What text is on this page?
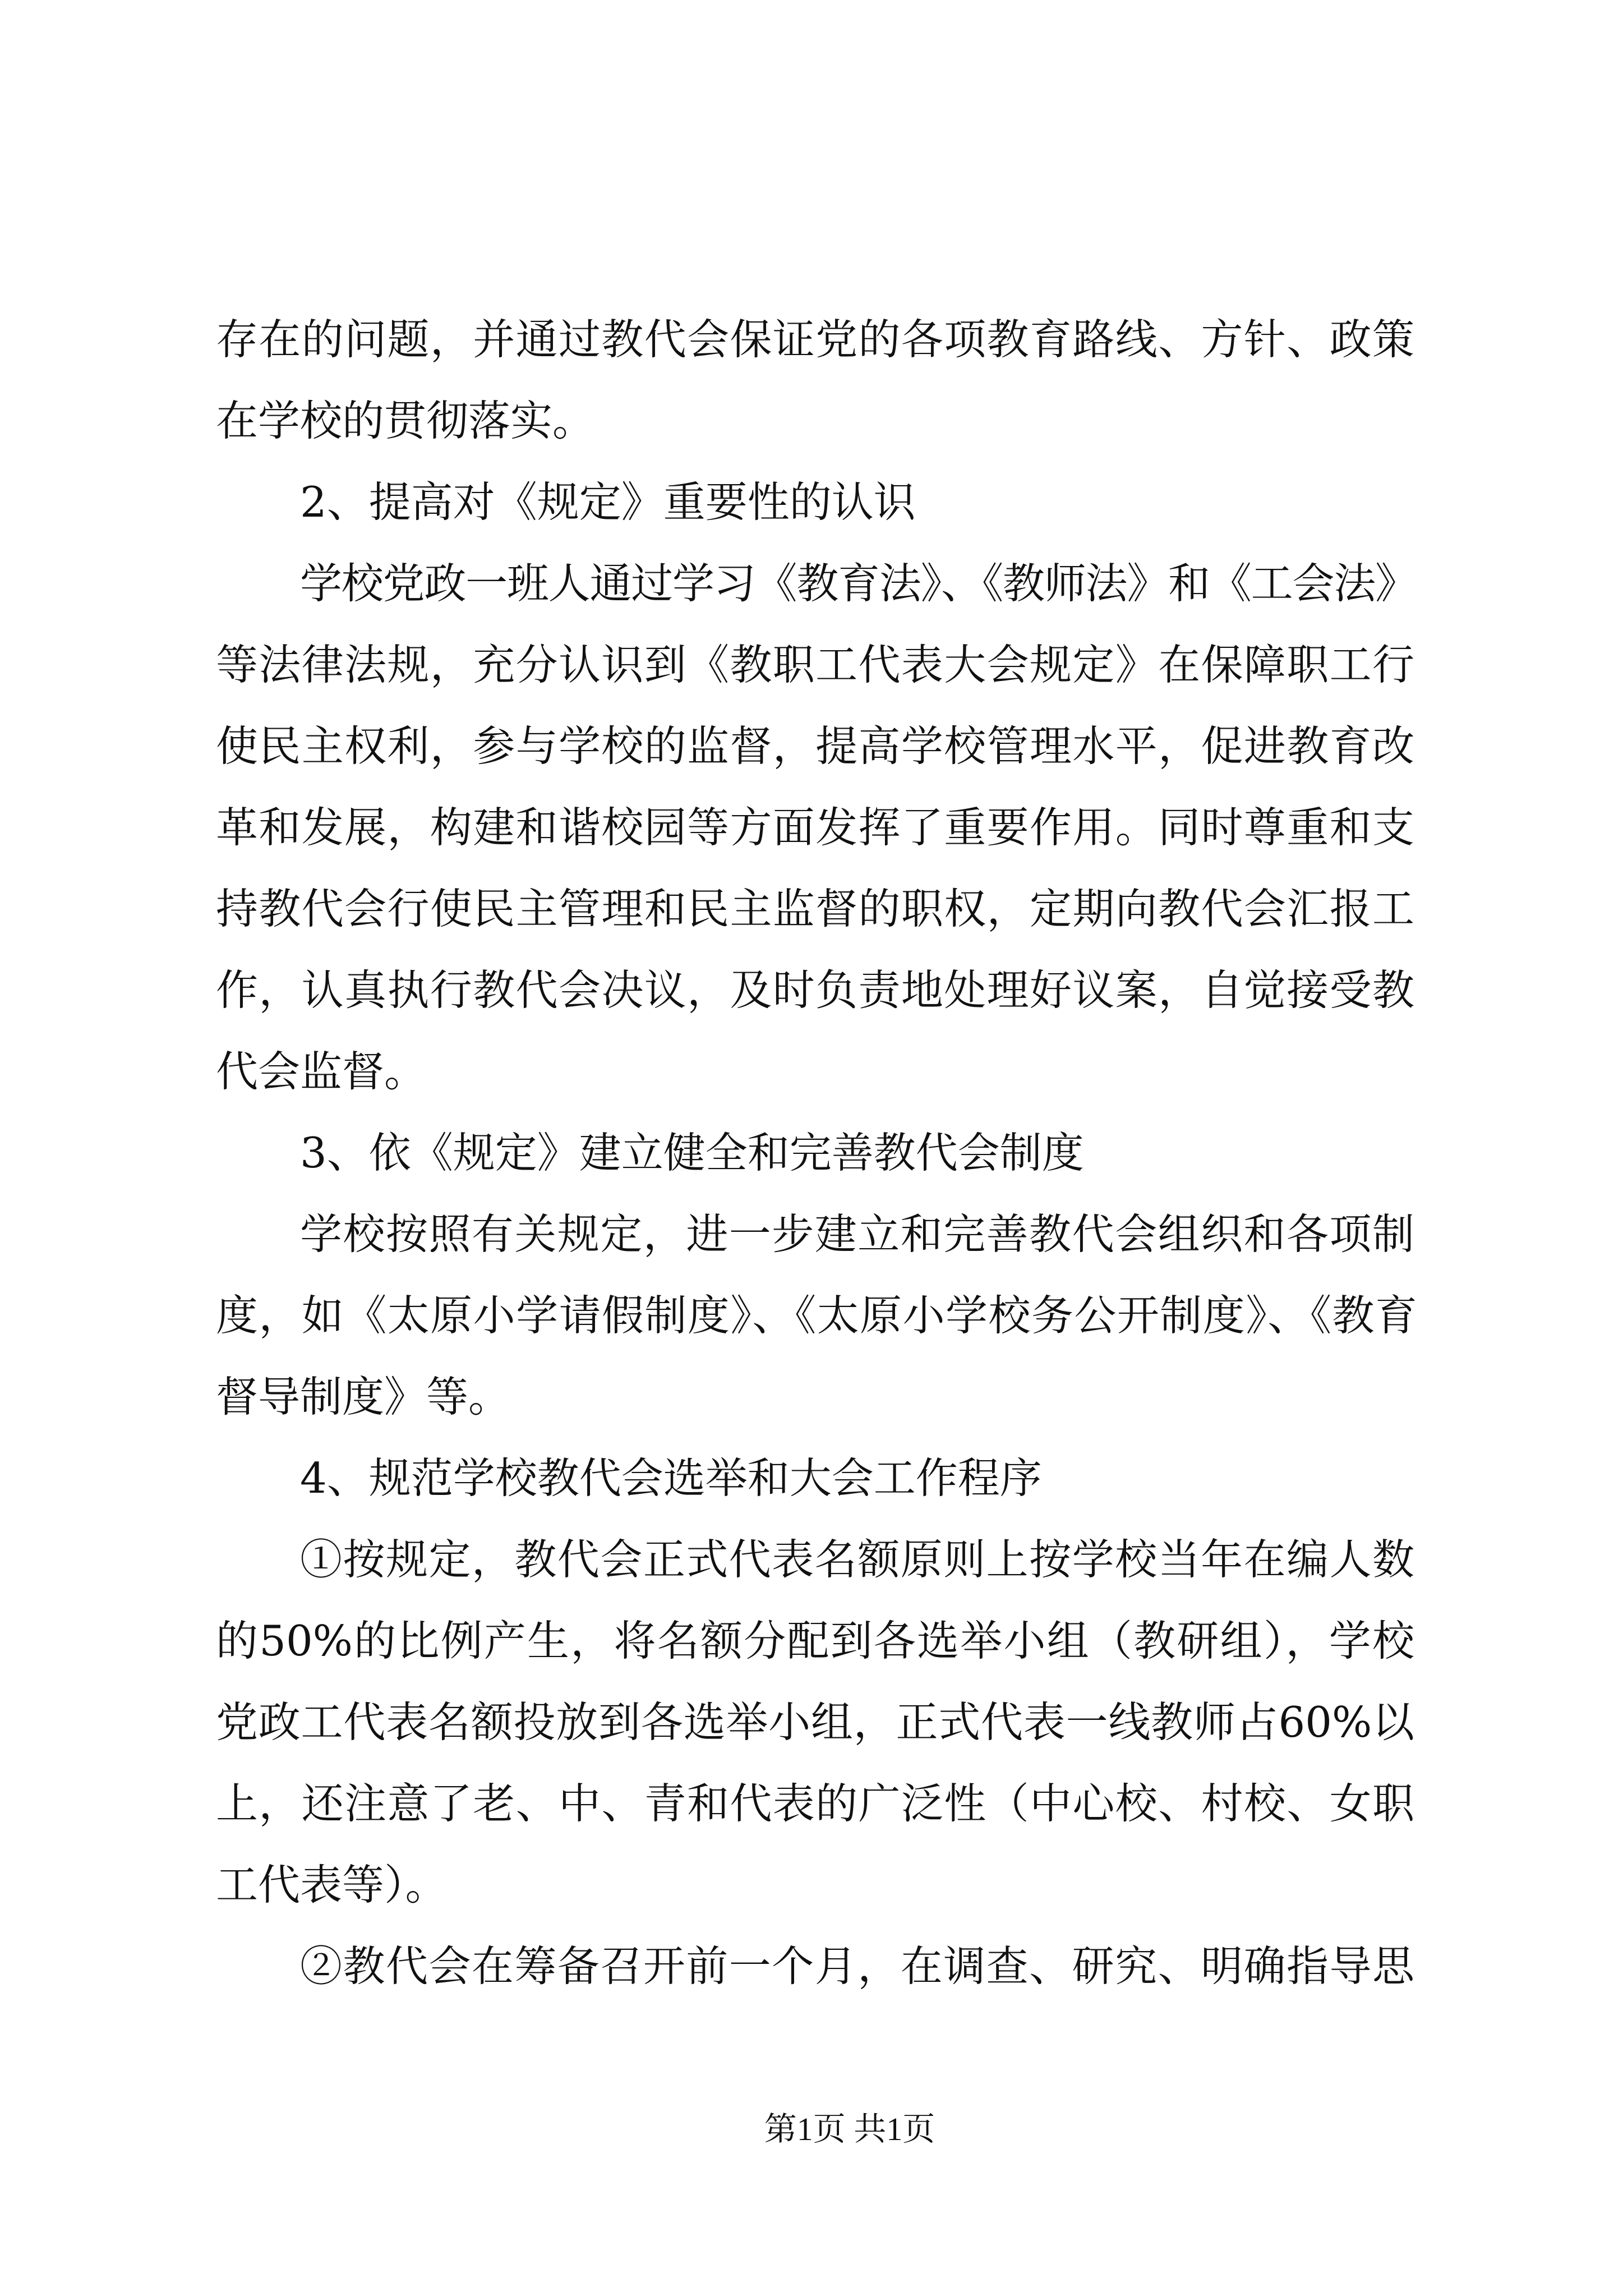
存在的问题，并通过教代会保证党的各项教育路线、方针、政策
在学校的贯彻落实。
2、提高对《规定》重要性的认识
学校党政一班人通过学习《教育法》、《教师法》和《工会法》
等法律法规，充分认识到《教职工代表大会规定》在保障职工行
使民主权利，参与学校的监督，提高学校管理水平，促进教育改
革和发展，构建和谐校园等方面发挥了重要作用。同时尊重和支
持教代会行使民主管理和民主监督的职权，定期向教代会汇报工
作，认真执行教代会决议，及时负责地处理好议案，自觉接受教
代会监督。
3、依《规定》建立健全和完善教代会制度
学校按照有关规定，进一步建立和完善教代会组织和各项制
度，如《太原小学请假制度》、《太原小学校务公开制度》、《教育
督导制度》等。
4、规范学校教代会选举和大会工作程序
①按规定，教代会正式代表名额原则上按学校当年在编人数
的50%的比例产生，将名额分配到各选举小组（教研组），学校
党政工代表名额投放到各选举小组，正式代表一线教师占60%以
上，还注意了老、中、青和代表的广泛性（中心校、村校、女职
工代表等）。
②教代会在筹备召开前一个月，在调查、研究、明确指导思
第1页 共1页
